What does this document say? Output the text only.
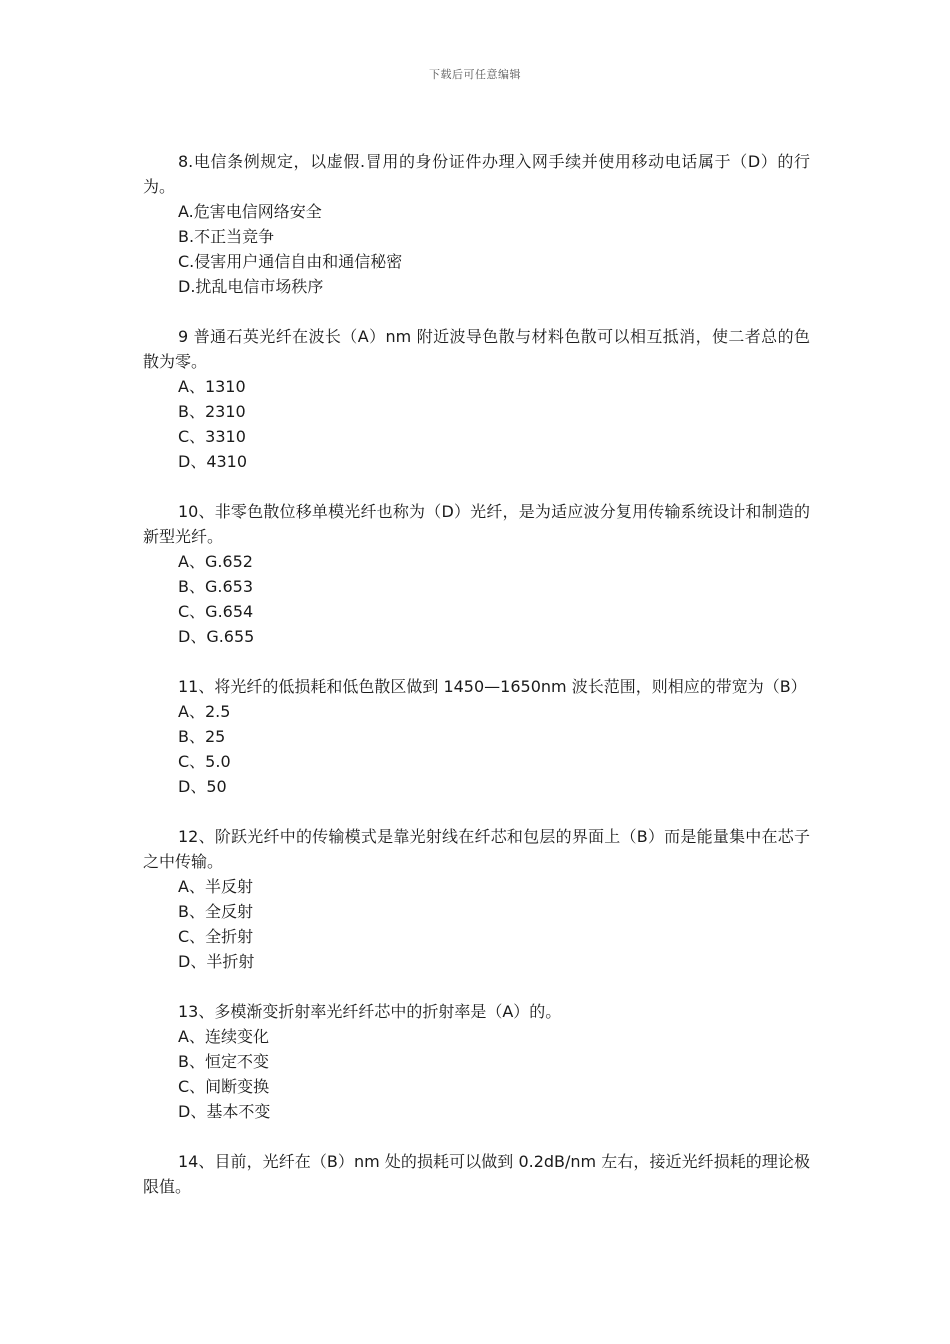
下载后可任意编辑

8.电信条例规定，以虚假.冒用的身份证件办理入网手续并使用移动电话属于（D）的行为。

A.危害电信网络安全
B.不正当竞争
C.侵害用户通信自由和通信秘密
D.扰乱电信市场秩序

9 普通石英光纤在波长（A）nm 附近波导色散与材料色散可以相互抵消，使二者总的色散为零。

A、1310
B、2310
C、3310
D、4310

10、非零色散位移单模光纤也称为（D）光纤，是为适应波分复用传输系统设计和制造的新型光纤。

A、G.652
B、G.653
C、G.654
D、G.655

11、将光纤的低损耗和低色散区做到 1450—1650nm 波长范围，则相应的带宽为（B）

A、2.5
B、25
C、5.0
D、50

12、阶跃光纤中的传输模式是靠光射线在纤芯和包层的界面上（B）而是能量集中在芯子之中传输。

A、半反射
B、全反射
C、全折射
D、半折射

13、多模渐变折射率光纤纤芯中的折射率是（A）的。

A、连续变化
B、恒定不变
C、间断变换
D、基本不变

14、目前，光纤在（B）nm 处的损耗可以做到 0.2dB/nm 左右，接近光纤损耗的理论极限值。
